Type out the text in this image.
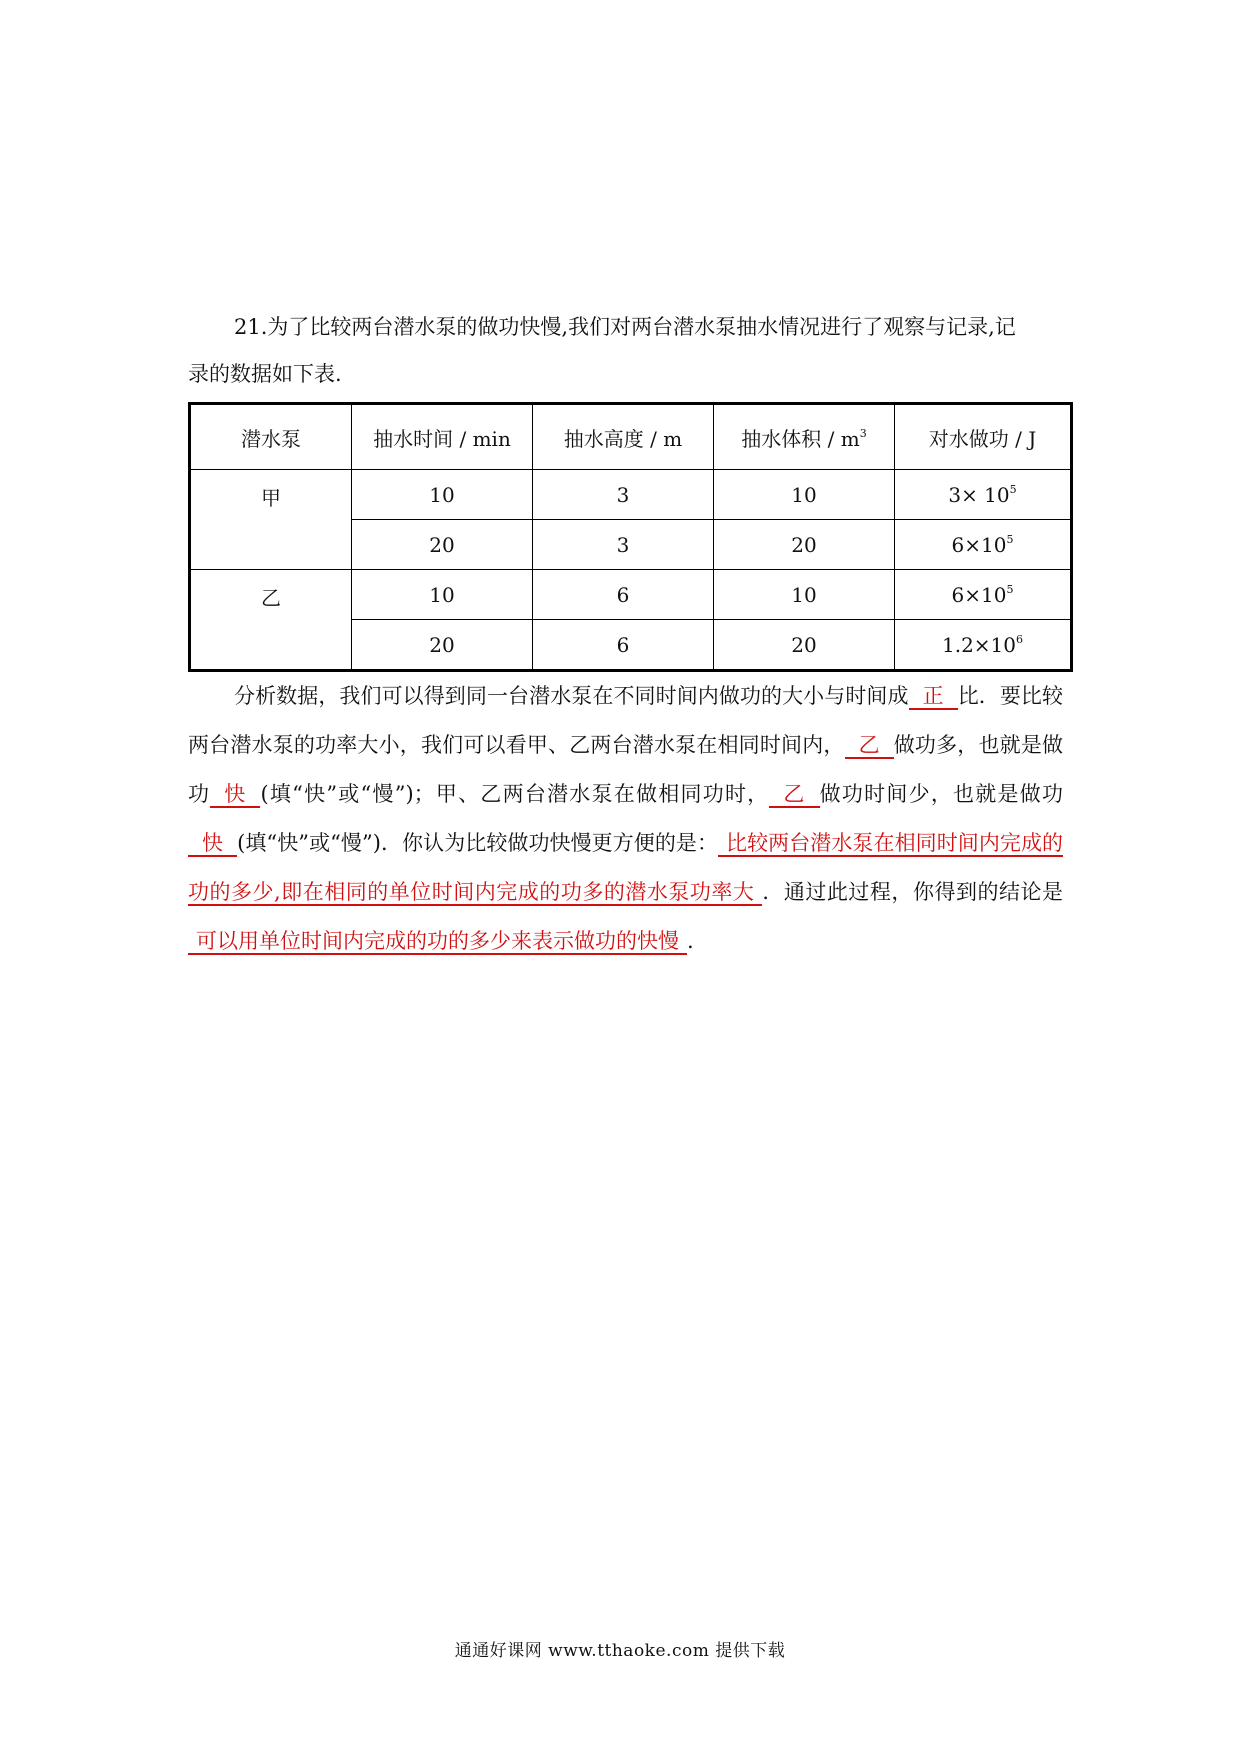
21.为了比较两台潜水泵的做功快慢,我们对两台潜水泵抽水情况进行了观察与记录,记
录的数据如下表.
潜水泵	抽水时间 / min	抽水高度 / m	抽水体积 / $m^3$	对水做功 / J
甲	10	3	10	$3\times 10^5$
	20	3	20	$6\times 10^5$
乙	10	6	10	$6\times 10^5$
	20	6	20	$1.2\times 10^6$
分析数据，我们可以得到同一台潜水泵在不同时间内做功的大小与时间成 正 比．要比较两台潜水泵的功率大小，我们可以看甲、乙两台潜水泵在相同时间内， 乙 做功多，也就是做功 快 (填“快”或“慢”)；甲、乙两台潜水泵在做相同功时， 乙 做功时间少，也就是做功快 (填“快”或“慢”)．你认为比较做功快慢更方便的是： 比较两台潜水泵在相同时间内完成的功的多少,即在相同的单位时间内完成的功多的潜水泵功率大 ．通过此过程，你得到的结论是可以用单位时间内完成的功的多少来表示做功的快慢 .
通通好课网 www.tthaoke.com 提供下载
